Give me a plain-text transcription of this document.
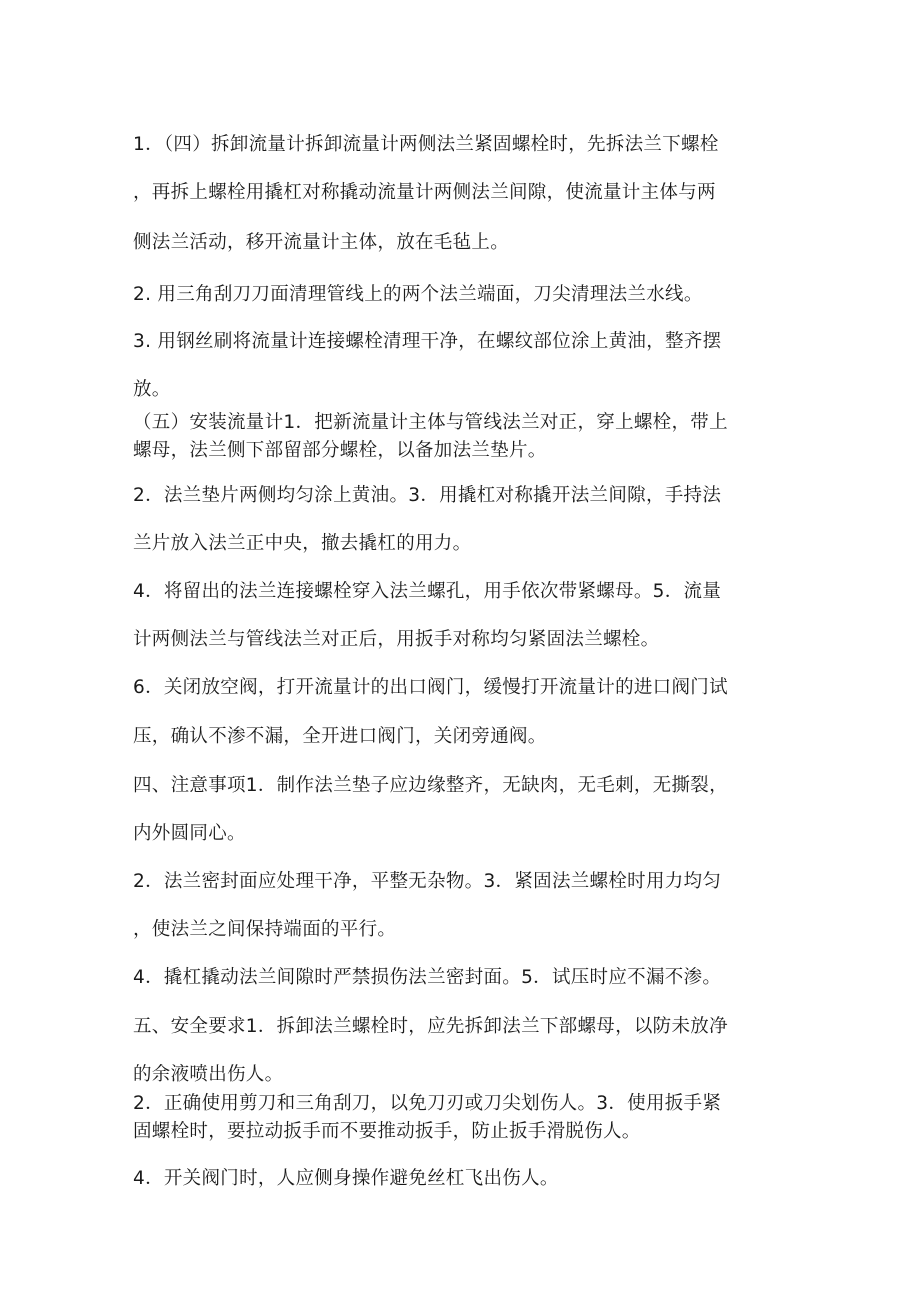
1．（四）拆卸流量计拆卸流量计两侧法兰紧固螺栓时，先拆法兰下螺栓
，再拆上螺栓用撬杠对称撬动流量计两侧法兰间隙，使流量计主体与两
侧法兰活动，移开流量计主体，放在毛毡上。
2. 用三角刮刀刀面清理管线上的两个法兰端面，刀尖清理法兰水线。
3. 用钢丝刷将流量计连接螺栓清理干净，在螺纹部位涂上黄油，整齐摆
放。
（五）安装流量计1．把新流量计主体与管线法兰对正，穿上螺栓，带上
螺母，法兰侧下部留部分螺栓，以备加法兰垫片。
2．法兰垫片两侧均匀涂上黄油。3．用撬杠对称撬开法兰间隙，手持法
兰片放入法兰正中央，撤去撬杠的用力。
4．将留出的法兰连接螺栓穿入法兰螺孔，用手依次带紧螺母。5．流量
计两侧法兰与管线法兰对正后，用扳手对称均匀紧固法兰螺栓。
6．关闭放空阀，打开流量计的出口阀门，缓慢打开流量计的进口阀门试
压，确认不渗不漏，全开进口阀门，关闭旁通阀。
四、注意事项1．制作法兰垫子应边缘整齐，无缺肉，无毛刺，无撕裂，
内外圆同心。
2．法兰密封面应处理干净，平整无杂物。3．紧固法兰螺栓时用力均匀
，使法兰之间保持端面的平行。
4．撬杠撬动法兰间隙时严禁损伤法兰密封面。5．试压时应不漏不渗。
五、安全要求1．拆卸法兰螺栓时，应先拆卸法兰下部螺母，以防未放净
的余液喷出伤人。
2．正确使用剪刀和三角刮刀，以免刀刃或刀尖划伤人。3．使用扳手紧
固螺栓时，要拉动扳手而不要推动扳手，防止扳手滑脱伤人。
4．开关阀门时，人应侧身操作避免丝杠飞出伤人。
